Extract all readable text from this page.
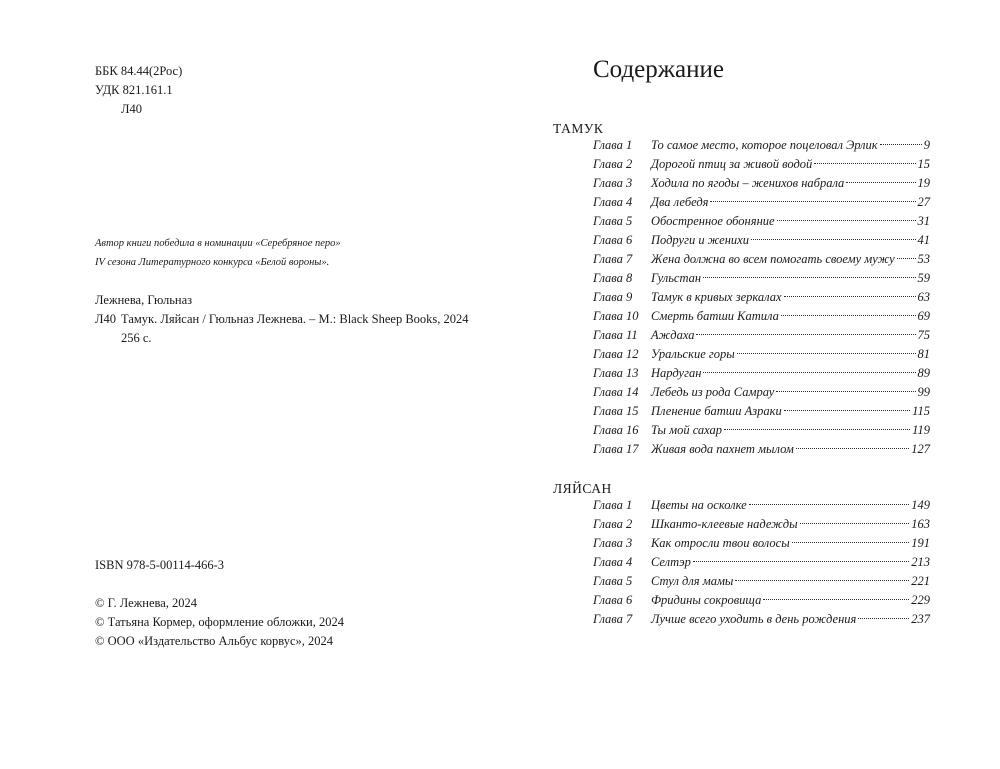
ББК 84.44(2Рос)
УДК 821.161.1
Л40
Автор книги победила в номинации «Серебряное перо»
IV сезона Литературного конкурса «Белой вороны».
Лежнева, Гюльназ
Л40 Тамук. Ляйсан / Гюльназ Лежнева. – М.: Black Sheep Books, 2024
256 с.
ISBN 978-5-00114-466-3
© Г. Лежнева, 2024
© Татьяна Кормер, оформление обложки, 2024
© ООО «Издательство Альбус корвус», 2024
Содержание
ТАМУК
Глава 1	То самое место, которое поцеловал Эрлик	9
Глава 2	Дорогой птиц за живой водой	15
Глава 3	Ходила по ягоды – женихов набрала	19
Глава 4	Два лебедя	27
Глава 5	Обостренное обоняние	31
Глава 6	Подруги и женихи	41
Глава 7	Жена должна во всем помогать своему мужу 53
Глава 8	Гульстан	59
Глава 9	Тамук в кривых зеркалах	63
Глава 10 Смерть батши Катила	69
Глава 11	Аждаха	75
Глава 12 Уральские горы	81
Глава 13 Нардуган	89
Глава 14 Лебедь из рода Самрау	99
Глава 15 Пленение батши Азраки	115
Глава 16 Ты мой сахар	119
Глава 17 Живая вода пахнет мылом	127
ЛЯЙСАН
Глава 1	Цветы на осколке	149
Глава 2	Шканто-клеевые надежды	163
Глава 3	Как отросли твои волосы	191
Глава 4	Селтэр	213
Глава 5	Стул для мамы	221
Глава 6	Фридины сокровища	229
Глава 7	Лучше всего уходить в день рождения	237
